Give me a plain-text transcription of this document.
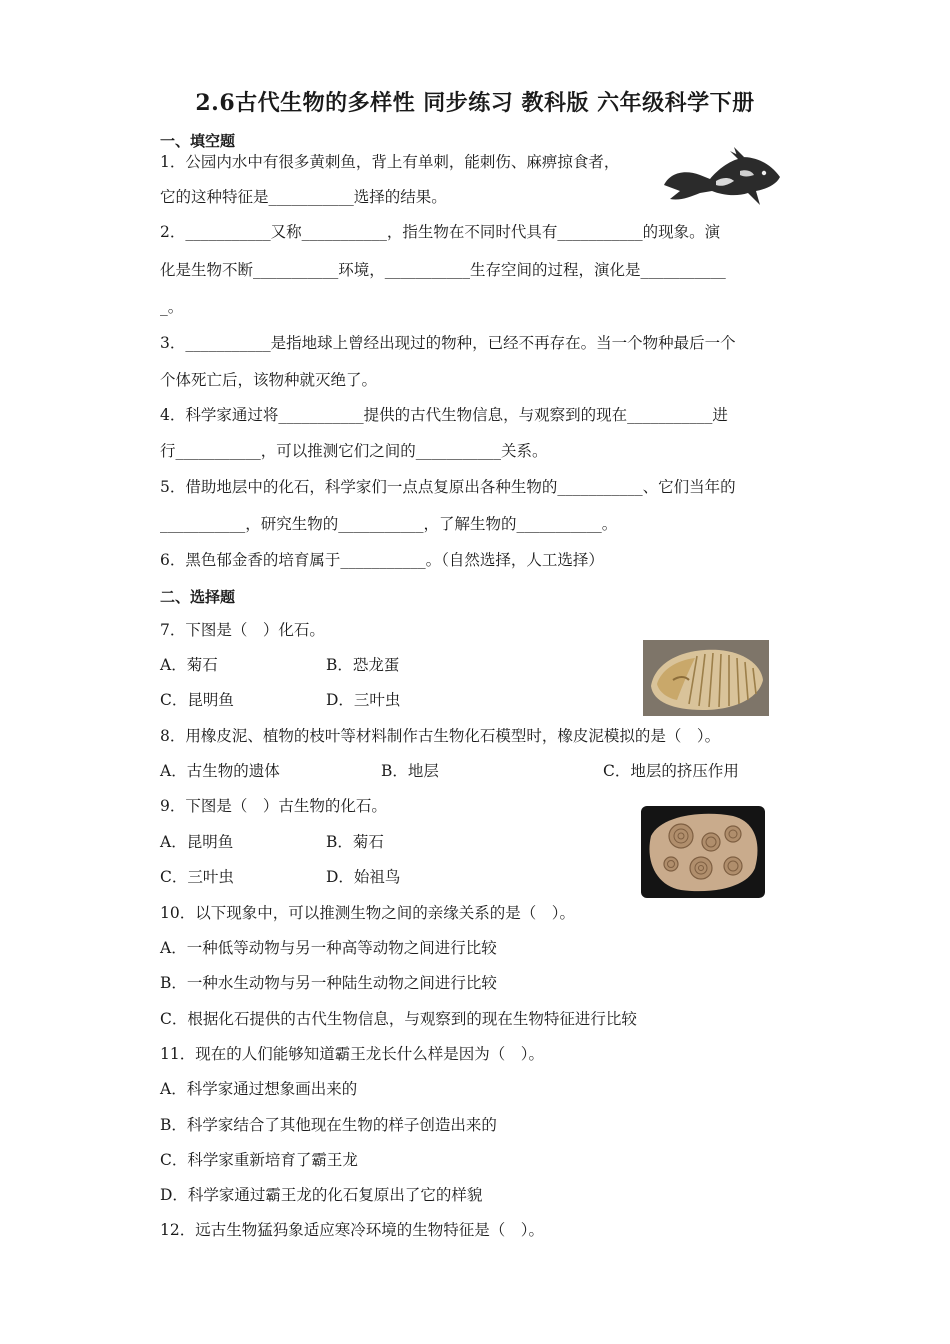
2.6古代生物的多样性 同步练习 教科版 六年级科学下册
一、填空题
1．公园内水中有很多黄刺鱼，背上有单刺，能刺伤、麻痹掠食者，
它的这种特征是___________选择的结果。
2．___________又称___________，指生物在不同时代具有___________的现象。演
化是生物不断___________环境，___________生存空间的过程，演化是___________
_。
3．___________是指地球上曾经出现过的物种，已经不再存在。当一个物种最后一个
个体死亡后，该物种就灭绝了。
4．科学家通过将___________提供的古代生物信息，与观察到的现在___________进
行___________，可以推测它们之间的___________关系。
5．借助地层中的化石，科学家们一点点复原出各种生物的___________、它们当年的
___________，研究生物的___________，了解生物的___________。
6．黑色郁金香的培育属于___________。（自然选择，人工选择）
二、选择题
7．下图是（　）化石。
A．菊石	B．恐龙蛋
C．昆明鱼	D．三叶虫
8．用橡皮泥、植物的枝叶等材料制作古生物化石模型时，橡皮泥模拟的是（　）。
A．古生物的遗体	B．地层	C．地层的挤压作用
9．下图是（　）古生物的化石。
A．昆明鱼	B．菊石
C．三叶虫	D．始祖鸟
10．以下现象中，可以推测生物之间的亲缘关系的是（　）。
A．一种低等动物与另一种高等动物之间进行比较
B．一种水生动物与另一种陆生动物之间进行比较
C．根据化石提供的古代生物信息，与观察到的现在生物特征进行比较
11．现在的人们能够知道霸王龙长什么样是因为（　）。
A．科学家通过想象画出来的
B．科学家结合了其他现在生物的样子创造出来的
C．科学家重新培育了霸王龙
D．科学家通过霸王龙的化石复原出了它的样貌
12．远古生物猛犸象适应寒冷环境的生物特征是（　）。
